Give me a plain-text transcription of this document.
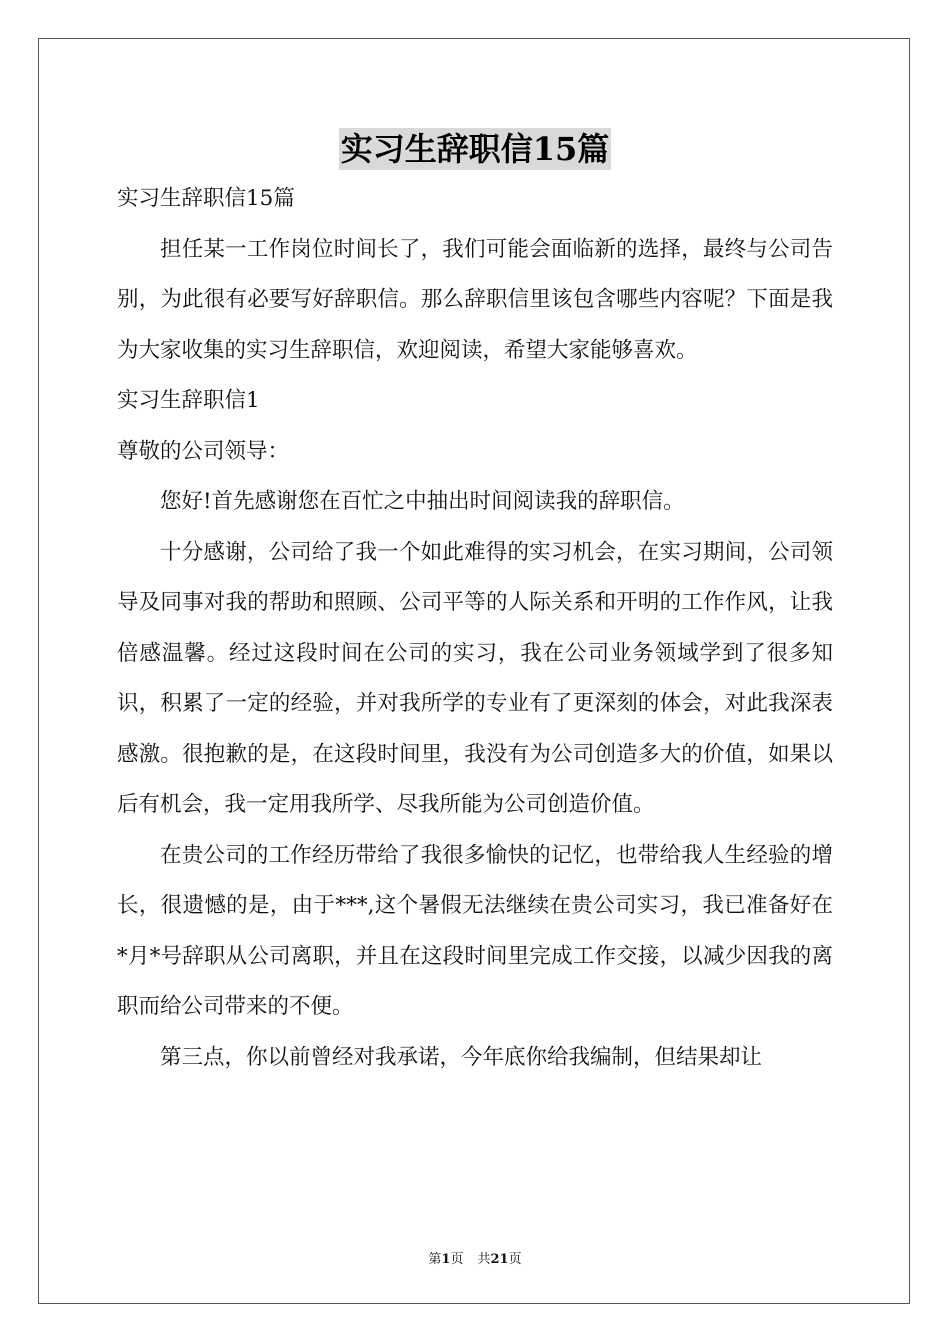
实习生辞职信15篇

实习生辞职信15篇

担任某一工作岗位时间长了，我们可能会面临新的选择，最终与公司告别，为此很有必要写好辞职信。那么辞职信里该包含哪些内容呢？下面是我为大家收集的实习生辞职信，欢迎阅读，希望大家能够喜欢。

实习生辞职信1

尊敬的公司领导：

您好!首先感谢您在百忙之中抽出时间阅读我的辞职信。

十分感谢，公司给了我一个如此难得的实习机会，在实习期间，公司领导及同事对我的帮助和照顾、公司平等的人际关系和开明的工作作风，让我倍感温馨。经过这段时间在公司的实习，我在公司业务领域学到了很多知识，积累了一定的经验，并对我所学的专业有了更深刻的体会，对此我深表感激。很抱歉的是，在这段时间里，我没有为公司创造多大的价值，如果以后有机会，我一定用我所学、尽我所能为公司创造价值。

在贵公司的工作经历带给了我很多愉快的记忆，也带给我人生经验的增长，很遗憾的是，由于***,这个暑假无法继续在贵公司实习，我已准备好在*月*号辞职从公司离职，并且在这段时间里完成工作交接，以减少因我的离职而给公司带来的不便。

第三点，你以前曾经对我承诺，今年底你给我编制，但结果却让

第1页 共21页
